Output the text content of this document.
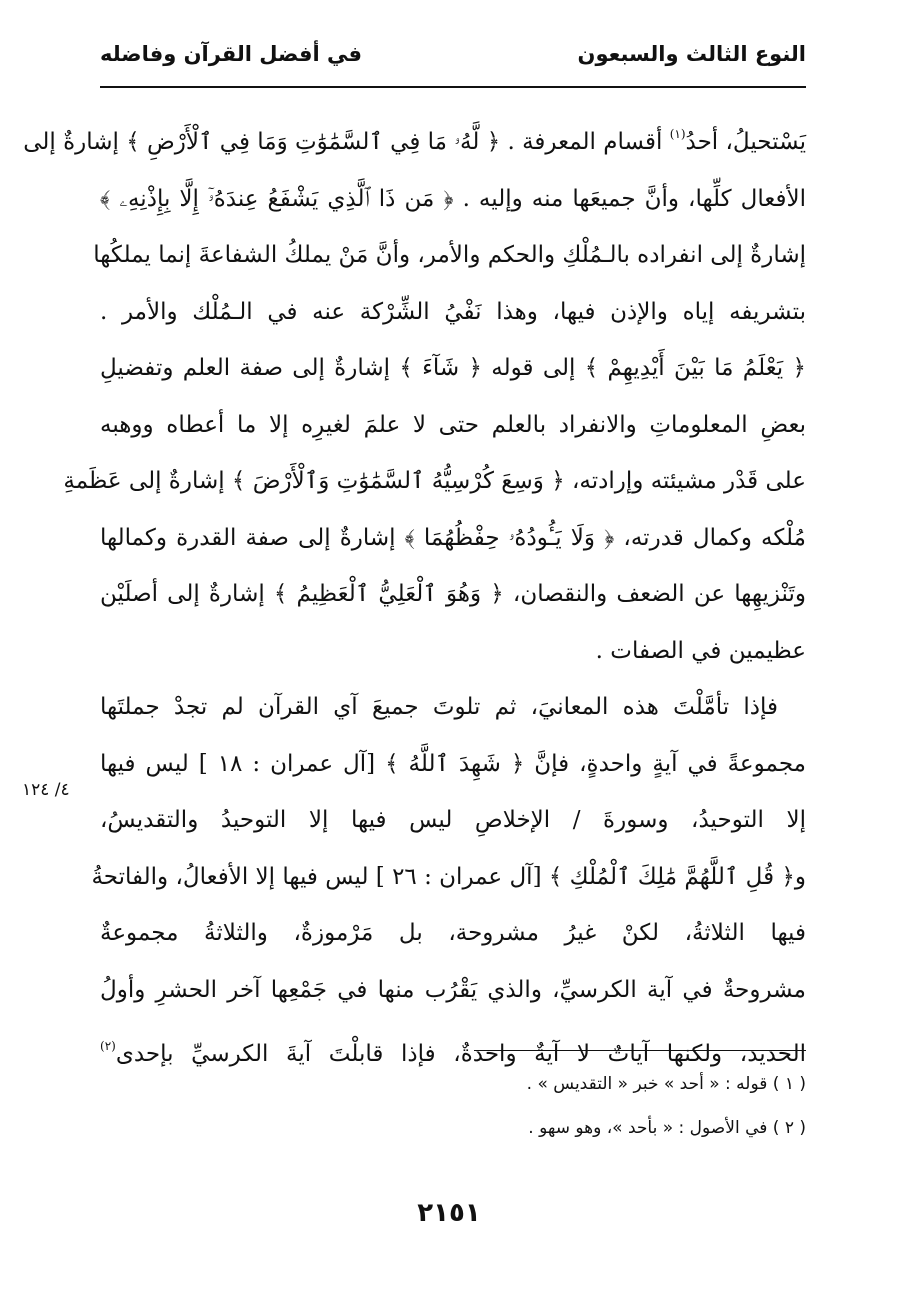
النوع الثالث والسبعون
في أفضل القرآن وفاضله
يَسْتحيلُ، أحدُ$^{(١)}$ أقسام المعرفة . ﴿ لَّهُۥ مَا فِي ٱلسَّمَٰوَٰتِ وَمَا فِي ٱلْأَرْضِ ﴾ إشارةٌ إلى
الأفعال كلِّها، وأنَّ جميعَها منه وإليه . ﴿ مَن ذَا ٱلَّذِي يَشْفَعُ عِندَهُۥٓ إِلَّا بِإِذْنِهِۦ ﴾
إشارةٌ إلى انفراده بالـمُلْكِ والحكم والأمر، وأنَّ مَنْ يملكُ الشفاعةَ إنما يملكُها
بتشريفه إياه والإذن فيها، وهذا نَفْيُ الشِّرْكة عنه في الـمُلْك والأمر .
﴿ يَعْلَمُ مَا بَيْنَ أَيْدِيهِمْ ﴾ إلى قوله ﴿ شَآءَ ﴾ إشارةٌ إلى صفة العلم وتفضيلِ
بعضِ المعلوماتِ والانفراد بالعلم حتى لا علمَ لغيرِه إلا ما أعطاه ووهبه
على قَدْر مشيئته وإرادته، ﴿ وَسِعَ كُرْسِيُّهُ ٱلسَّمَٰوَٰتِ وَٱلْأَرْضَ ﴾ إشارةٌ إلى عَظَمةِ
مُلْكه وكمال قدرته، ﴿ وَلَا يَـُٔودُهُۥ حِفْظُهُمَا ﴾ إشارةٌ إلى صفة القدرة وكمالها
وتَنْزيهِها عن الضعف والنقصان، ﴿ وَهُوَ ٱلْعَلِيُّ ٱلْعَظِيمُ ﴾ إشارةٌ إلى أصلَيْن
عظيمين في الصفات .
فإذا تأمَّلْتَ هذه المعانيَ، ثم تلوتَ جميعَ آي القرآن لم تجدْ جملتَها
مجموعةً في آيةٍ واحدةٍ، فإنَّ ﴿ شَهِدَ ٱللَّهُ ﴾ [آل عمران : ١٨ ] ليس فيها
إلا التوحيدُ، وسورةَ / الإخلاصِ ليس فيها إلا التوحيدُ والتقديسُ،
و﴿ قُلِ ٱللَّهُمَّ مَٰلِكَ ٱلْمُلْكِ ﴾ [آل عمران : ٢٦ ] ليس فيها إلا الأفعالُ، والفاتحةُ
فيها الثلاثةُ، لكنْ غيرُ مشروحة، بل مَرْموزةٌ، والثلاثةُ مجموعةٌ
مشروحةٌ في آية الكرسيِّ، والذي يَقْرُب منها في جَمْعِها آخر الحشرِ وأولُ
الحديد، ولكنها آياتٌ لا آيةٌ واحدةٌ، فإذا قابلْتَ آيةَ الكرسيِّ بإحدى$^{(٢)}$
٤/ ١٢٤
( ١ ) قوله : « أحد » خبر « التقديس » .
( ٢ ) في الأصول : « بأحد »، وهو سهو .
٢١٥١
